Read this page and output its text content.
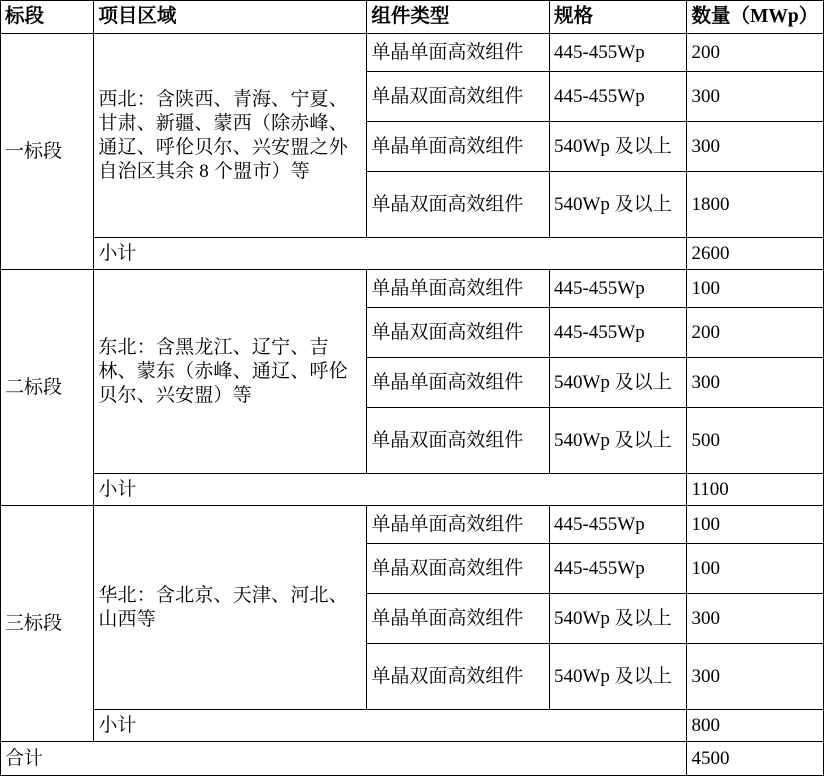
标段	项目区域	组件类型	规格	数量（MWp）
一标段	西北：含陕西、青海、宁夏、甘肃、新疆、蒙西（除赤峰、通辽、呼伦贝尔、兴安盟之外自治区其余 8 个盟市）等	单晶单面高效组件	445-455Wp	200
		单晶双面高效组件	445-455Wp	300
		单晶单面高效组件	540Wp 及以上	300
		单晶双面高效组件	540Wp 及以上	1800
	小计			2600
二标段	东北：含黑龙江、辽宁、吉林、蒙东（赤峰、通辽、呼伦贝尔、兴安盟）等	单晶单面高效组件	445-455Wp	100
		单晶双面高效组件	445-455Wp	200
		单晶单面高效组件	540Wp 及以上	300
		单晶双面高效组件	540Wp 及以上	500
	小计			1100
三标段	华北：含北京、天津、河北、山西等	单晶单面高效组件	445-455Wp	100
		单晶双面高效组件	445-455Wp	100
		单晶单面高效组件	540Wp 及以上	300
		单晶双面高效组件	540Wp 及以上	300
	小计			800
合计				4500
